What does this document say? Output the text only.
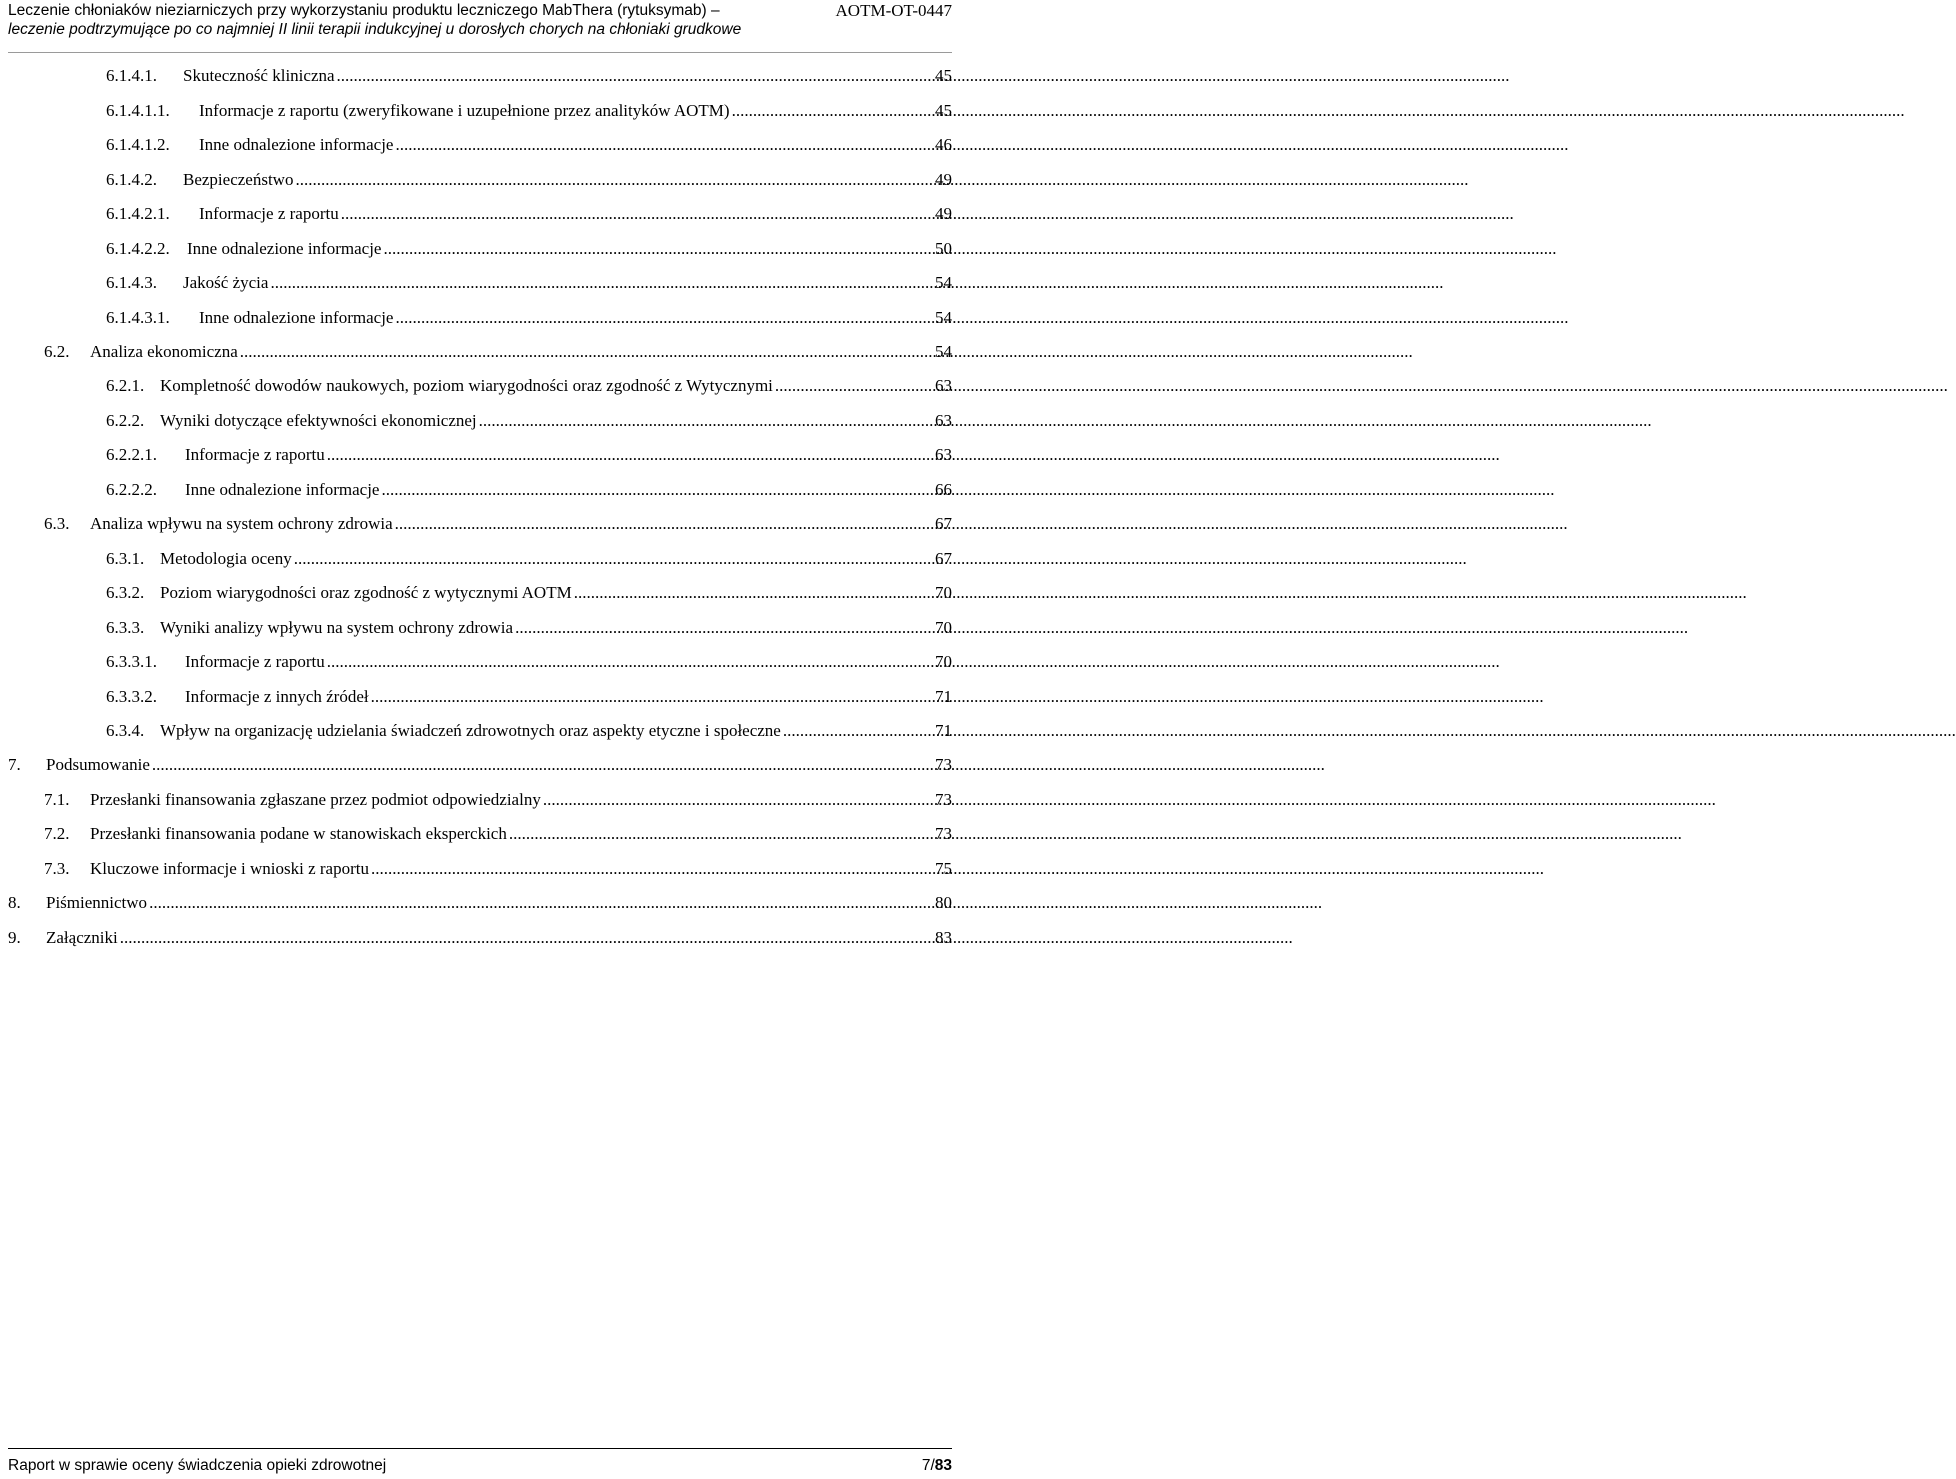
Leczenie chłoniaków nieziarniczych przy wykorzystaniu produktu leczniczego MabThera (rytuksymab) –
leczenie podtrzymujące po co najmniej II linii terapii indukcyjnej u dorosłych chorych na chłoniaki grudkowe
AOTM-OT-0447
6.1.4.1.	Skuteczność kliniczna .....	45
6.1.4.1.1.	Informacje z raportu (zweryfikowane i uzupełnione przez analityków AOTM) .....	45
6.1.4.1.2.	Inne odnalezione informacje .....	46
6.1.4.2.	Bezpieczeństwo .....	49
6.1.4.2.1.	Informacje z raportu .....	49
6.1.4.2.2.	Inne odnalezione informacje .....	50
6.1.4.3.	Jakość życia .....	54
6.1.4.3.1.	Inne odnalezione informacje .....	54
6.2.	Analiza ekonomiczna .....	54
6.2.1. Kompletność dowodów naukowych, poziom wiarygodności oraz zgodność z Wytycznymi .....	63
6.2.2. Wyniki dotyczące efektywności ekonomicznej .....	63
6.2.2.1.	Informacje z raportu .....	63
6.2.2.2.	Inne odnalezione informacje .....	66
6.3.	Analiza wpływu na system ochrony zdrowia .....	67
6.3.1. Metodologia oceny .....	67
6.3.2. Poziom wiarygodności oraz zgodność z wytycznymi AOTM .....	70
6.3.3. Wyniki analizy wpływu na system ochrony zdrowia .....	70
6.3.3.1.	Informacje z raportu .....	70
6.3.3.2.	Informacje z innych źródeł .....	71
6.3.4. Wpływ na organizację udzielania świadczeń zdrowotnych oraz aspekty etyczne i społeczne .....	71
7.	Podsumowanie .....	73
7.1.	Przesłanki finansowania zgłaszane przez podmiot odpowiedzialny .....	73
7.2.	Przesłanki finansowania podane w stanowiskach eksperckich .....	73
7.3.	Kluczowe informacje i wnioski z raportu .....	75
8.	Piśmiennictwo .....	80
9.	Załączniki .....	83
Raport w sprawie oceny świadczenia opieki zdrowotnej	7/83
